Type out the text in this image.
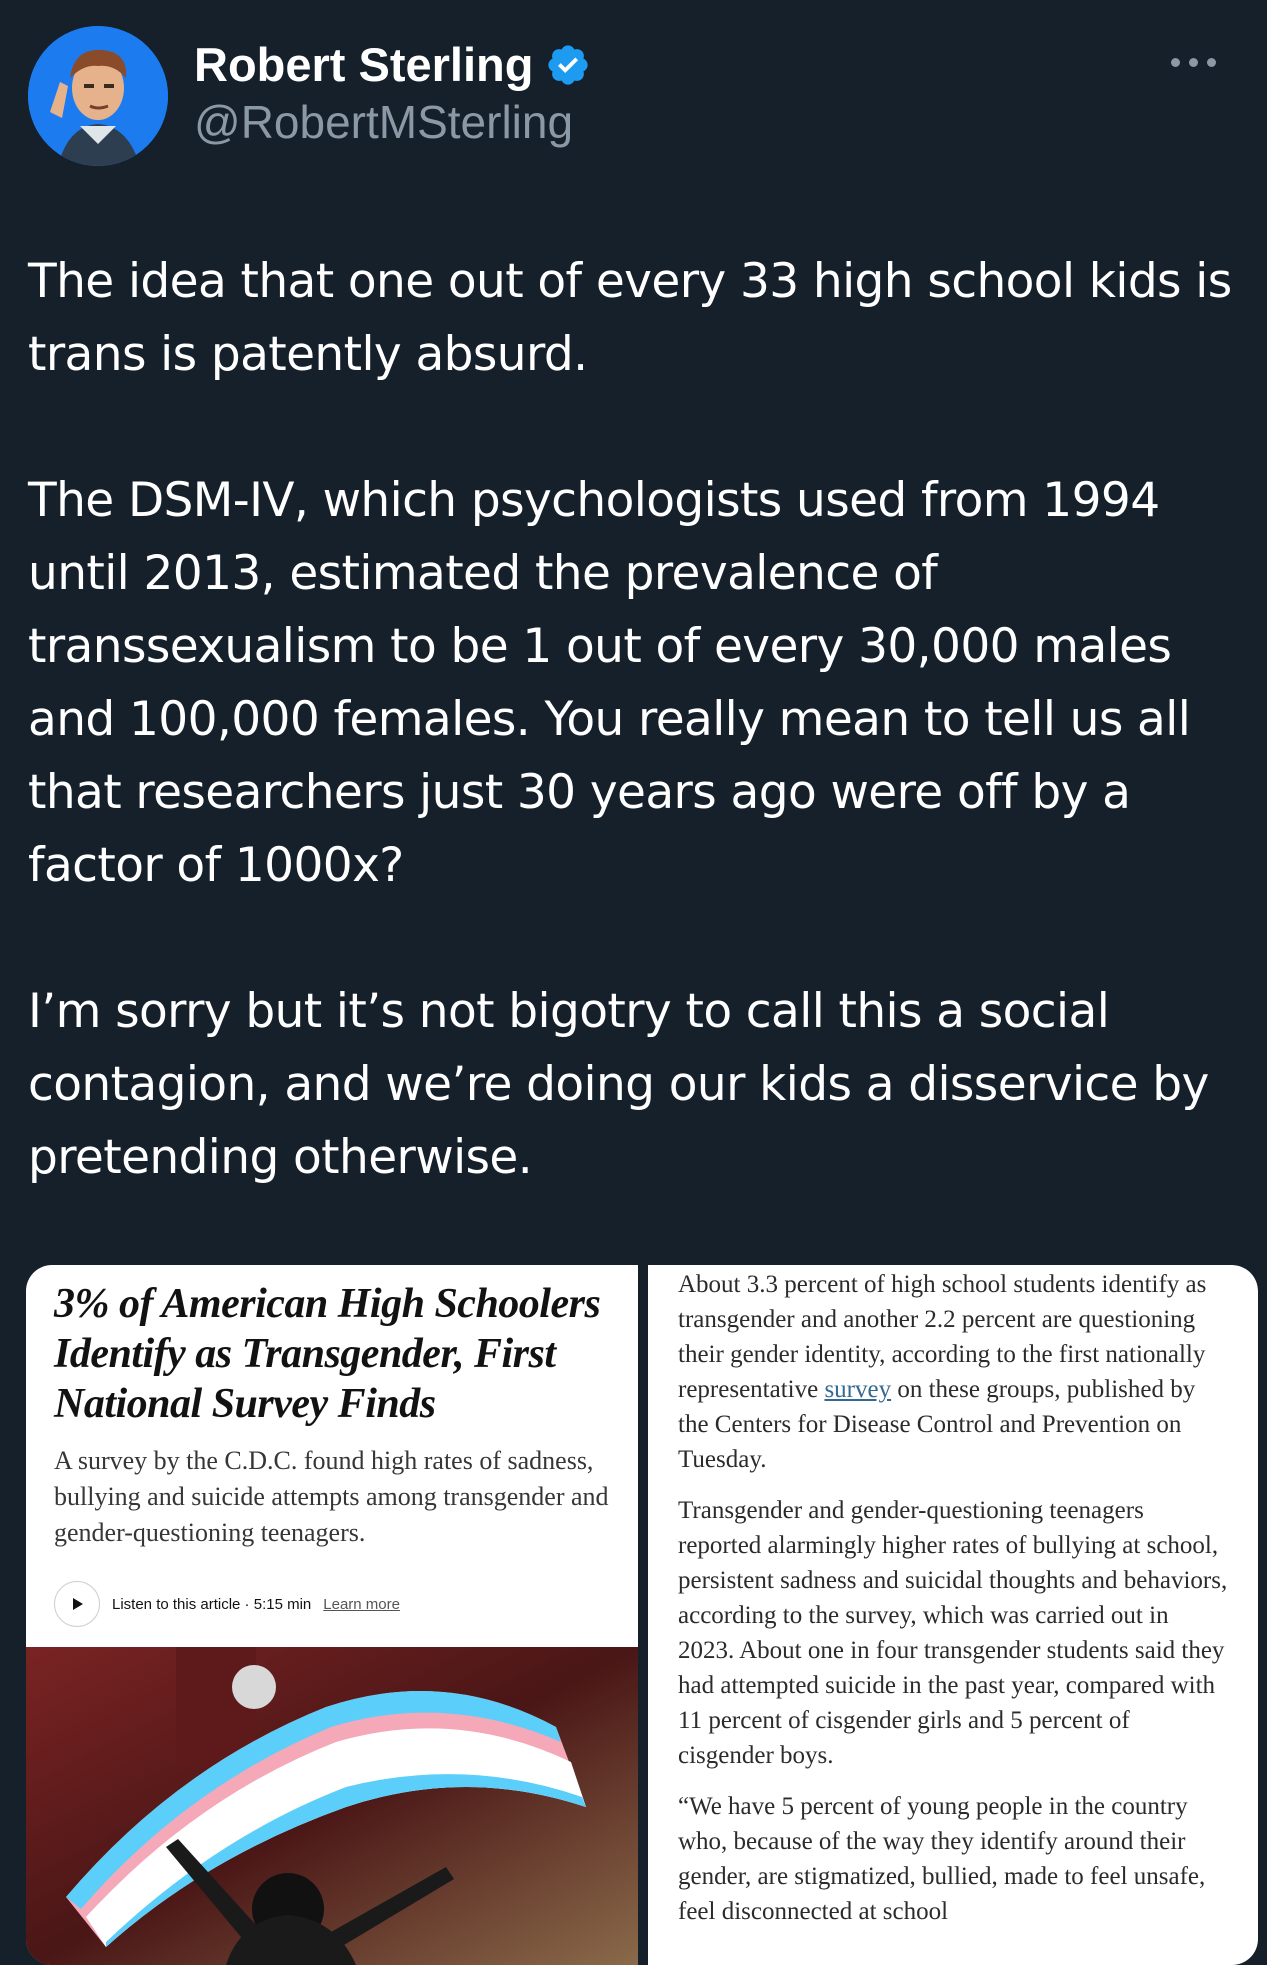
Robert Sterling
@RobertMSterling

The idea that one out of every 33 high school kids is trans is patently absurd.

The DSM-IV, which psychologists used from 1994 until 2013, estimated the prevalence of transsexualism to be 1 out of every 30,000 males and 100,000 females. You really mean to tell us all that researchers just 30 years ago were off by a factor of 1000x?

I’m sorry but it’s not bigotry to call this a social contagion, and we’re doing our kids a disservice by pretending otherwise.

3% of American High Schoolers Identify as Transgender, First National Survey Finds

A survey by the C.D.C. found high rates of sadness, bullying and suicide attempts among transgender and gender-questioning teenagers.

Listen to this article · 5:15 min Learn more

About 3.3 percent of high school students identify as transgender and another 2.2 percent are questioning their gender identity, according to the first nationally representative survey on these groups, published by the Centers for Disease Control and Prevention on Tuesday.

Transgender and gender-questioning teenagers reported alarmingly higher rates of bullying at school, persistent sadness and suicidal thoughts and behaviors, according to the survey, which was carried out in 2023. About one in four transgender students said they had attempted suicide in the past year, compared with 11 percent of cisgender girls and 5 percent of cisgender boys.

“We have 5 percent of young people in the country who, because of the way they identify around their gender, are stigmatized, bullied, made to feel unsafe, feel disconnected at school
